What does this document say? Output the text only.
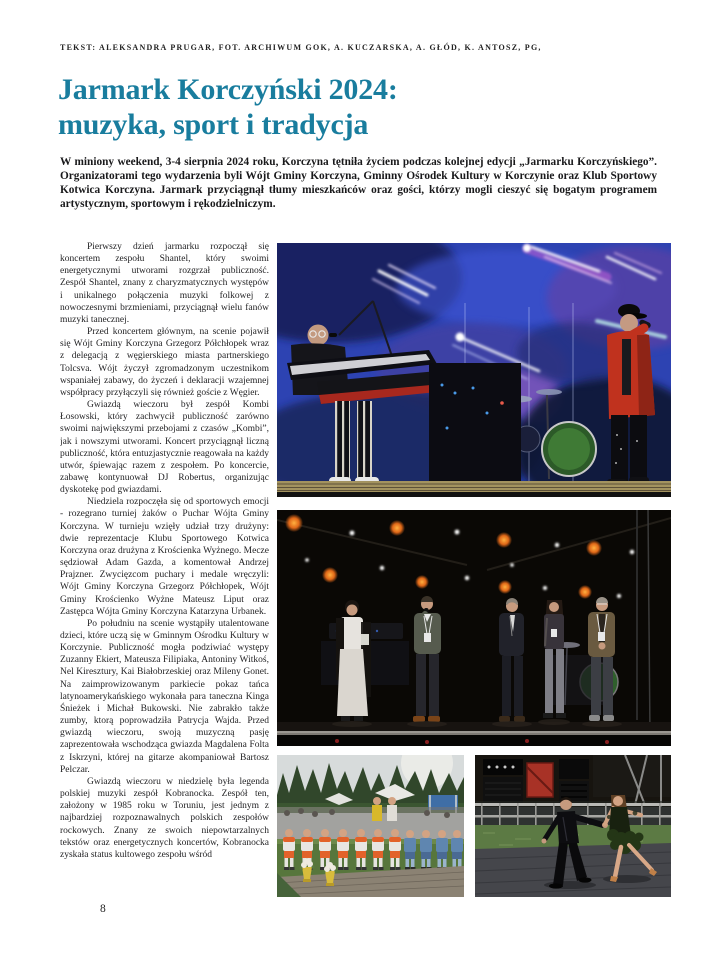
TEKST: ALEKSANDRA PRUGAR, FOT. ARCHIWUM GOK, A. KUCZARSKA, A. GŁÓD, K. ANTOSZ, PG,
Jarmark Korczyński 2024:
muzyka, sport i tradycja

W miniony weekend, 3-4 sierpnia 2024 roku, Korczyna tętniła życiem podczas kolejnej edycji „Jarmarku Korczyńskiego”. Organizatorami tego wydarzenia byli Wójt Gminy Korczyna, Gminny Ośrodek Kultury w Korczynie oraz Klub Sportowy Kotwica Korczyna. Jarmark przyciągnął tłumy mieszkańców oraz gości, którzy mogli cieszyć się bogatym programem artystycznym, sportowym i rękodzielniczym.

Pierwszy dzień jarmarku rozpoczął się koncertem zespołu Shantel, który swoimi energetycznymi utworami rozgrzał publiczność. Zespół Shantel, znany z charyzmatycznych występów i unikalnego połączenia muzyki folkowej z nowoczesnymi brzmieniami, przyciągnął wielu fanów muzyki tanecznej.

Przed koncertem głównym, na scenie pojawił się Wójt Gminy Korczyna Grzegorz Półchłopek wraz z delegacją z węgierskiego miasta partnerskiego Tolcsva. Wójt życzył zgromadzonym uczestnikom wspaniałej zabawy, do życzeń i deklaracji wzajemnej współpracy przyłączyli się również goście z Węgier.

Gwiazdą wieczoru był zespół Kombi Łosowski, który zachwycił publiczność zarówno swoimi największymi przebojami z czasów „Kombi”, jak i nowszymi utworami. Koncert przyciągnął liczną publiczność, która entuzjastycznie reagowała na każdy utwór, śpiewając razem z zespołem. Po koncercie, zabawę kontynuował DJ Robertus, organizując dyskotekę pod gwiazdami.

Niedziela rozpoczęła się od sportowych emocji - rozegrano turniej żaków o Puchar Wójta Gminy Korczyna. W turnieju wzięły udział trzy drużyny: dwie reprezentacje Klubu Sportowego Kotwica Korczyna oraz drużyna z Krościenka Wyżnego. Mecze sędziował Adam Gazda, a komentował Andrzej Prajzner. Zwycięzcom puchary i medale wręczyli: Wójt Gminy Korczyna Grzegorz Półchłopek, Wójt Gminy Krościenko Wyżne Mateusz Liput oraz Zastępca Wójta Gminy Korczyna Katarzyna Urbanek.

Po południu na scenie wystąpiły utalentowane dzieci, które uczą się w Gminnym Ośrodku Kultury w Korczynie. Publiczność mogła podziwiać występy Zuzanny Ekiert, Mateusza Filipiaka, Antoniny Witkoś, Nel Kiresztury, Kai Białobrzeskiej oraz Mileny Gonet. Na zaimprowizowanym parkiecie pokaz tańca latynoamerykańskiego wykonała para taneczna Kinga Śnieżek i Michał Bukowski. Nie zabrakło także zumby, ktorą poprowadziła Patrycja Wajda. Przed gwiazdą wieczoru, swoją muzyczną pasję zaprezentowała wschodząca gwiazda Magdalena Folta z Iskrzyni, której na gitarze akompaniował Bartosz Pelczar.

Gwiazdą wieczoru w niedzielę była legenda polskiej muzyki zespół Kobranocka. Zespół ten, założony w 1985 roku w Toruniu, jest jednym z najbardziej rozpoznawalnych polskich zespołów rockowych. Znany ze swoich niepowtarzalnych tekstów oraz energetycznych koncertów, Kobranocka zyskała status kultowego zespołu wśród

8
